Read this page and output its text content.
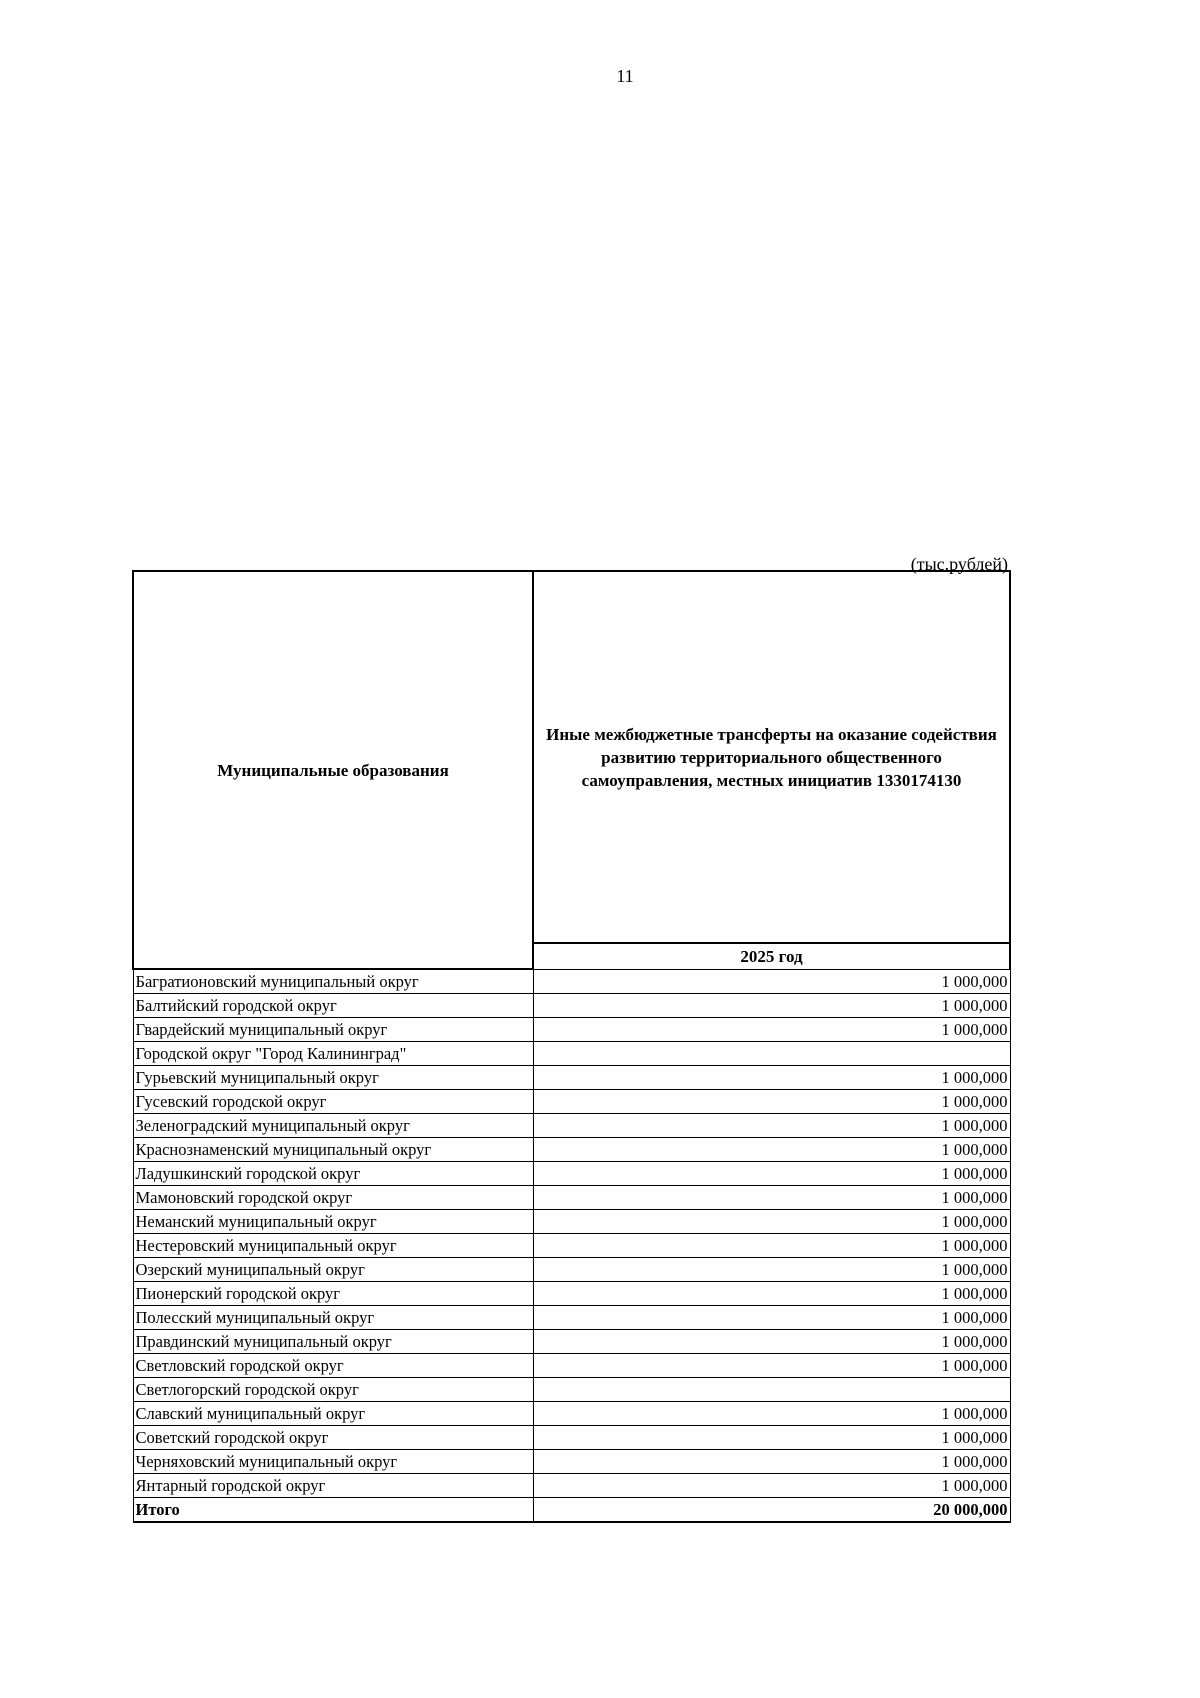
11
(тыс.рублей)
Муниципальные образования	Иные межбюджетные трансферты на оказание содействия развитию территориального общественного самоуправления, местных инициатив 1330174130
	2025 год
Багратионовский муниципальный округ	1 000,000
Балтийский городской округ	1 000,000
Гвардейский муниципальный округ	1 000,000
Городской округ "Город Калининград"	
Гурьевский муниципальный округ	1 000,000
Гусевский городской округ	1 000,000
Зеленоградский муниципальный округ	1 000,000
Краснознаменский муниципальный округ	1 000,000
Ладушкинский городской округ	1 000,000
Мамоновский городской округ	1 000,000
Неманский муниципальный округ	1 000,000
Нестеровский муниципальный округ	1 000,000
Озерский муниципальный округ	1 000,000
Пионерский городской округ	1 000,000
Полесский муниципальный округ	1 000,000
Правдинский муниципальный округ	1 000,000
Светловский городской округ	1 000,000
Светлогорский городской округ	
Славский муниципальный округ	1 000,000
Советский городской округ	1 000,000
Черняховский муниципальный округ	1 000,000
Янтарный городской округ	1 000,000
Итого	20 000,000
